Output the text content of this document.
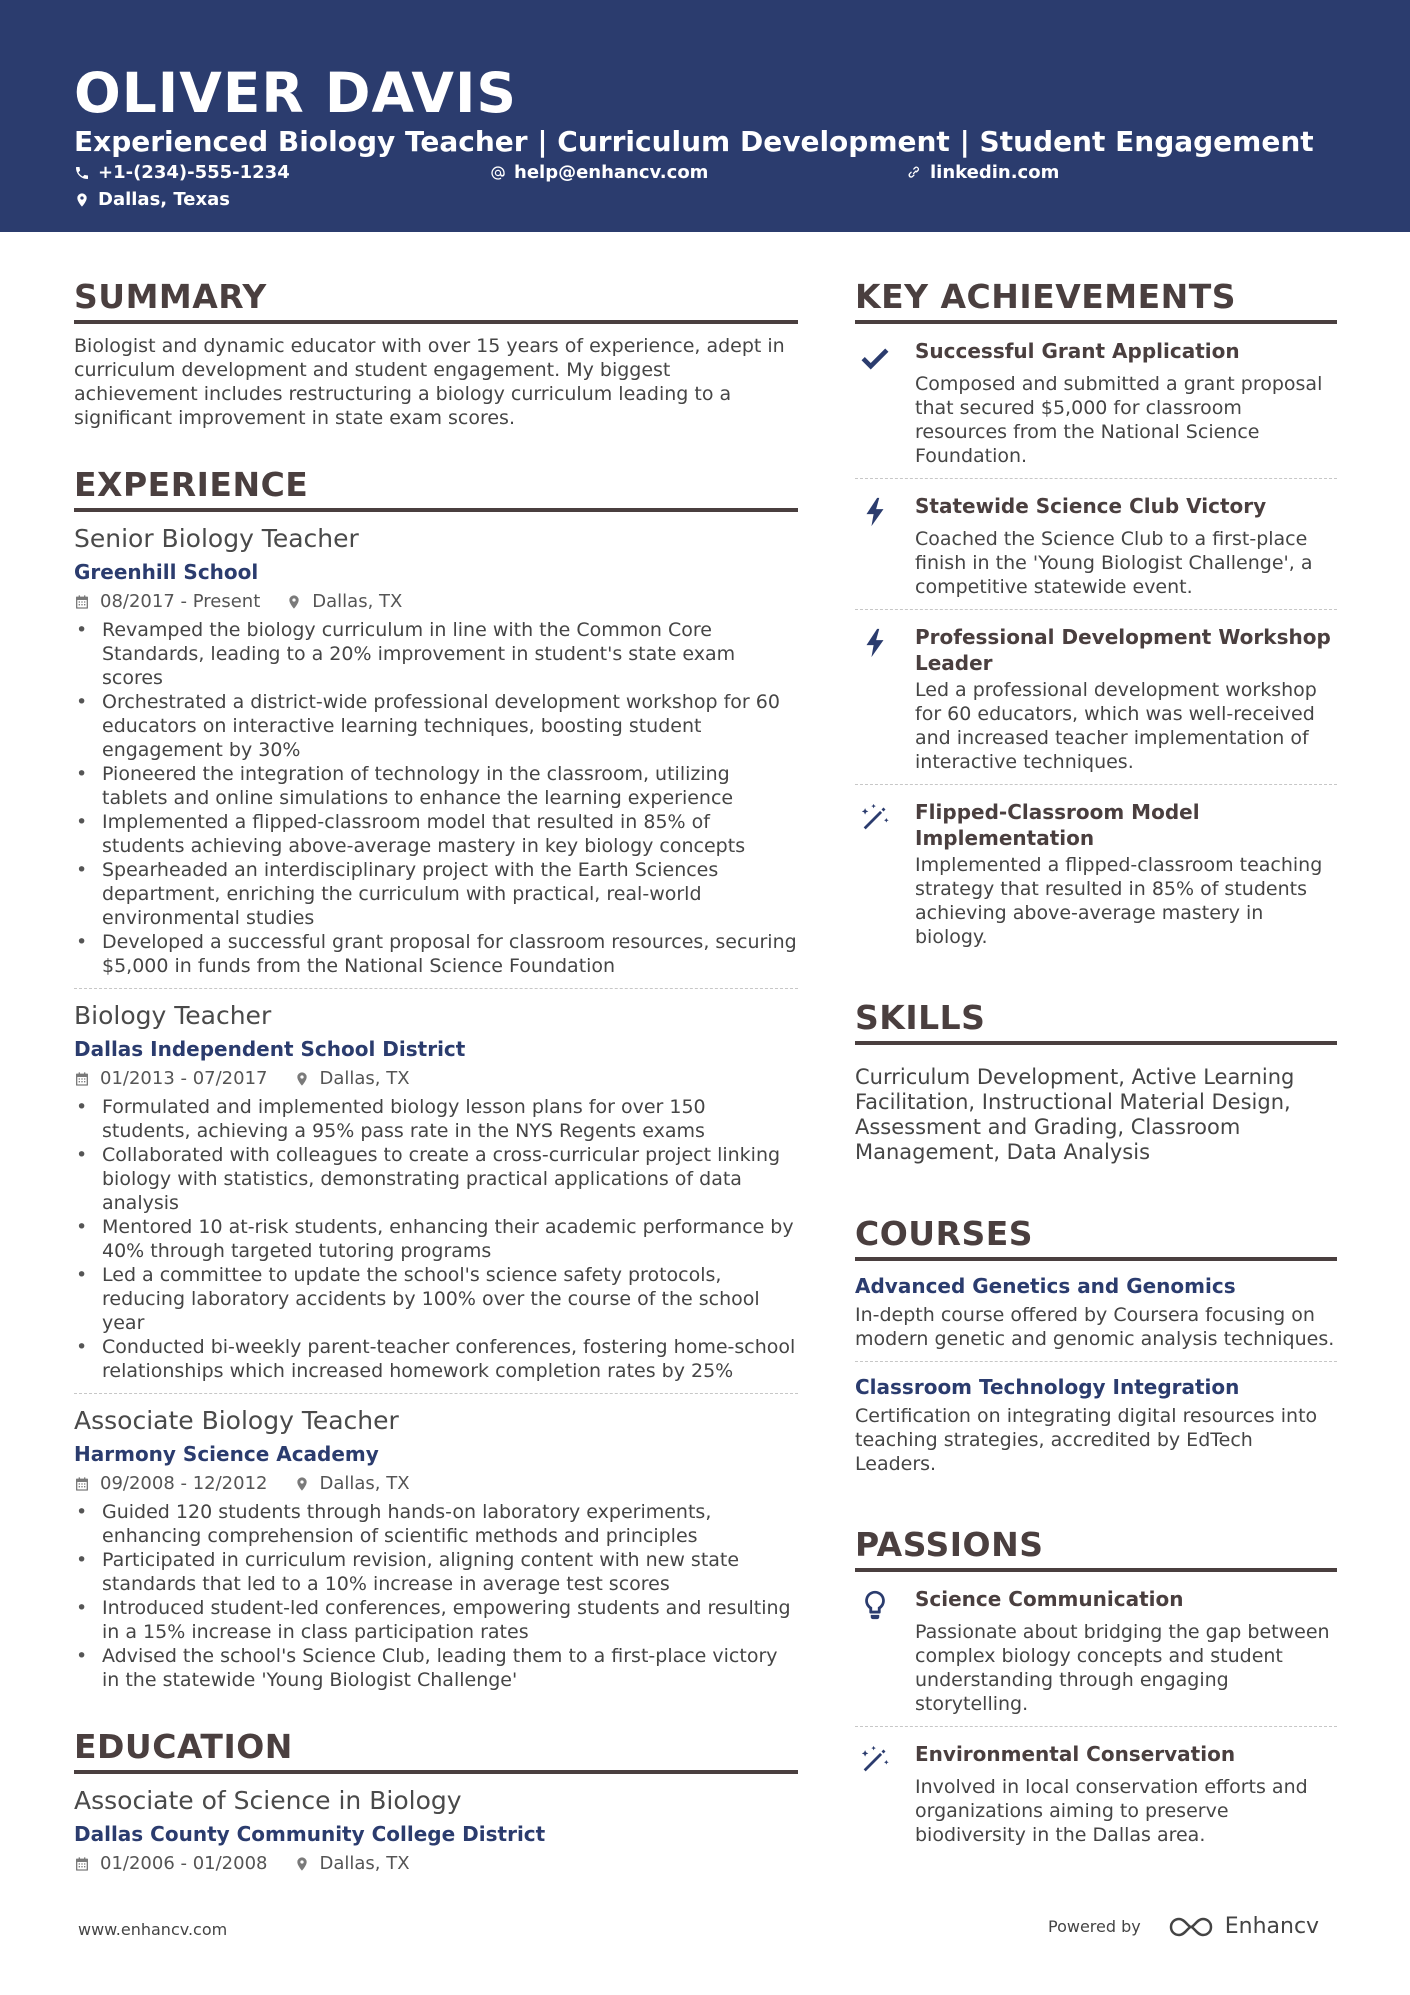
OLIVER DAVIS
Experienced Biology Teacher | Curriculum Development | Student Engagement
+1-(234)-555-1234	help@enhancv.com	linkedin.com
Dallas, Texas
SUMMARY
Biologist and dynamic educator with over 15 years of experience, adept in curriculum development and student engagement. My biggest achievement includes restructuring a biology curriculum leading to a significant improvement in state exam scores.
EXPERIENCE
Senior Biology Teacher
Greenhill School
08/2017 - Present	Dallas, TX
• Revamped the biology curriculum in line with the Common Core Standards, leading to a 20% improvement in student's state exam scores
• Orchestrated a district-wide professional development workshop for 60 educators on interactive learning techniques, boosting student engagement by 30%
• Pioneered the integration of technology in the classroom, utilizing tablets and online simulations to enhance the learning experience
• Implemented a flipped-classroom model that resulted in 85% of students achieving above-average mastery in key biology concepts
• Spearheaded an interdisciplinary project with the Earth Sciences department, enriching the curriculum with practical, real-world environmental studies
• Developed a successful grant proposal for classroom resources, securing $5,000 in funds from the National Science Foundation
Biology Teacher
Dallas Independent School District
01/2013 - 07/2017	Dallas, TX
• Formulated and implemented biology lesson plans for over 150 students, achieving a 95% pass rate in the NYS Regents exams
• Collaborated with colleagues to create a cross-curricular project linking biology with statistics, demonstrating practical applications of data analysis
• Mentored 10 at-risk students, enhancing their academic performance by 40% through targeted tutoring programs
• Led a committee to update the school's science safety protocols, reducing laboratory accidents by 100% over the course of the school year
• Conducted bi-weekly parent-teacher conferences, fostering home-school relationships which increased homework completion rates by 25%
Associate Biology Teacher
Harmony Science Academy
09/2008 - 12/2012	Dallas, TX
• Guided 120 students through hands-on laboratory experiments, enhancing comprehension of scientific methods and principles
• Participated in curriculum revision, aligning content with new state standards that led to a 10% increase in average test scores
• Introduced student-led conferences, empowering students and resulting in a 15% increase in class participation rates
• Advised the school's Science Club, leading them to a first-place victory in the statewide 'Young Biologist Challenge'
EDUCATION
Associate of Science in Biology
Dallas County Community College District
01/2006 - 01/2008	Dallas, TX
KEY ACHIEVEMENTS
Successful Grant Application
Composed and submitted a grant proposal that secured $5,000 for classroom resources from the National Science Foundation.
Statewide Science Club Victory
Coached the Science Club to a first-place finish in the 'Young Biologist Challenge', a competitive statewide event.
Professional Development Workshop Leader
Led a professional development workshop for 60 educators, which was well-received and increased teacher implementation of interactive techniques.
Flipped-Classroom Model Implementation
Implemented a flipped-classroom teaching strategy that resulted in 85% of students achieving above-average mastery in biology.
SKILLS
Curriculum Development, Active Learning Facilitation, Instructional Material Design, Assessment and Grading, Classroom Management, Data Analysis
COURSES
Advanced Genetics and Genomics
In-depth course offered by Coursera focusing on modern genetic and genomic analysis techniques.
Classroom Technology Integration
Certification on integrating digital resources into teaching strategies, accredited by EdTech Leaders.
PASSIONS
Science Communication
Passionate about bridging the gap between complex biology concepts and student understanding through engaging storytelling.
Environmental Conservation
Involved in local conservation efforts and organizations aiming to preserve biodiversity in the Dallas area.
www.enhancv.com	Powered by	Enhancv
